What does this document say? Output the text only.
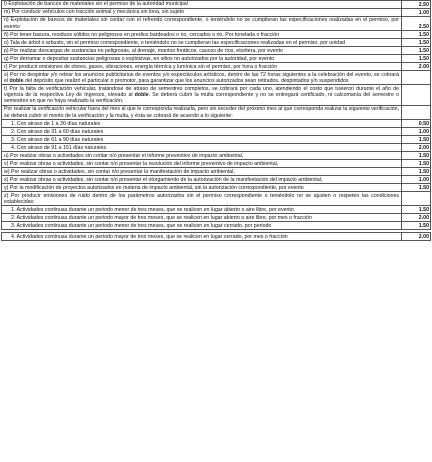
l) Explotación de bancos de materiales sin el permiso de la autoridad municipal	2.50
m) Por conducir vehículos con tracción animal y mecánica sin lona, sin sujeto	1.00
n) Explotación de bancos de materiales sin contar con el refrendo correspondiente, o teniéndolo no se cumplieran las especificaciones realizadas en el permiso, por evento	2.50
ñ) Por tener basura, residuos sólidos no peligrosos en predios bardeados o no, cercados o no. Por tonelada o fracción	1.50
o) Tala de árbol o arbusto, sin el permiso correspondiente, o teniéndolo no se cumplieran las especificaciones realizadas en el permiso, por unidad	1.50
p) Por realizar descargas de sustancias no peligrosas, al drenaje, mantos freáticos, cauces de ríos, etcétera, por evento	1.50
q) Por derramar o depositar sustancias peligrosas o explosivas, en sitios no autorizados por la autoridad, por evento	1.50
r) Por producir emisiones de olores, gases, vibraciones, energía térmica y lumínica sin el permiso, por hora o fracción	2.00
s) Por no despintar y/o retirar los anuncios publicitarios de eventos y/o espectáculos artísticos, dentro de las 72 horas siguientes a la celebración del evento, se cobrará el doble del depósito que realizó el particular o promotor, para garantizar que los anuncios autorizados sean retirados, despintados y/o suspendidos
t) Por la falta de verificación vehicular, tratándose de atraso de semestres completos, se cobrará por cada uno, atendiendo el costo que tuvieron durante el año de vigencia de la respectiva Ley de Ingresos, elevado al doble. Se deberá cubrir la multa correspondiente y no se entregará certificado, ni calcomanía del semestre o semestres en que no haya realizado la verificación.
Por realizar la verificación vehicular fuera del mes al que le corresponda realizarla, pero sin exceder del próximo mes al que corresponda realizar la siguiente verificación, se deberá cubrir el monto de la verificación y la multa, y ésta se cobrará de acuerdo a lo siguiente:
1. Con atraso de 1 a 30 días naturales	0.50
2. Con atraso de 31 a 60 días naturales	1.00
3. Con atraso de 61 a 90 días naturales	1.50
4. Con atraso de 91 a 151 días naturales	2.00
u) Por realizar obras o actividades sin contar n/o presentar el informe preventivo de impacto ambiental,	1.50
v) Por realizar obras o actividades, sin contar n/o presentar la resolución del informe preventivo de impacto ambiental,	1.50
w) Por realizar obras o actividades, sin contar n/o presentar la manifestación de impacto ambiental,	1.50
x) Por realizar obras o actividades, sin contar n/o presentar el otorgamiento de la autorización de la manifestación del impacto ambiental,	1.00
y) Por la modificación de proyectos autorizados en materia de impacto ambiental, sin la autorización correspondiente, por evento	1.50
z) Por producir emisiones de ruido dentro de los parámetros autorizados sin el permiso correspondiente o teniéndolo no se ajusten o respeten las condiciones establecidas:
1. Actividades continuas durante un periodo menor de tres meses, que se realicen en lugar abierto o aire libre, por evento	1.50
2. Actividades continuas durante un periodo mayor de tres meses, que se realicen en lugar abierto o aire libre, por mes o fracción	2.00
3. Actividades continuas durante un periodo menor de tres meses, que se realicen en lugar cerrado, por periodo	1.50
4. Actividades continuas durante un periodo mayor de tres meses, que se realicen en lugar cerrado, por mes o fracción	2.00
